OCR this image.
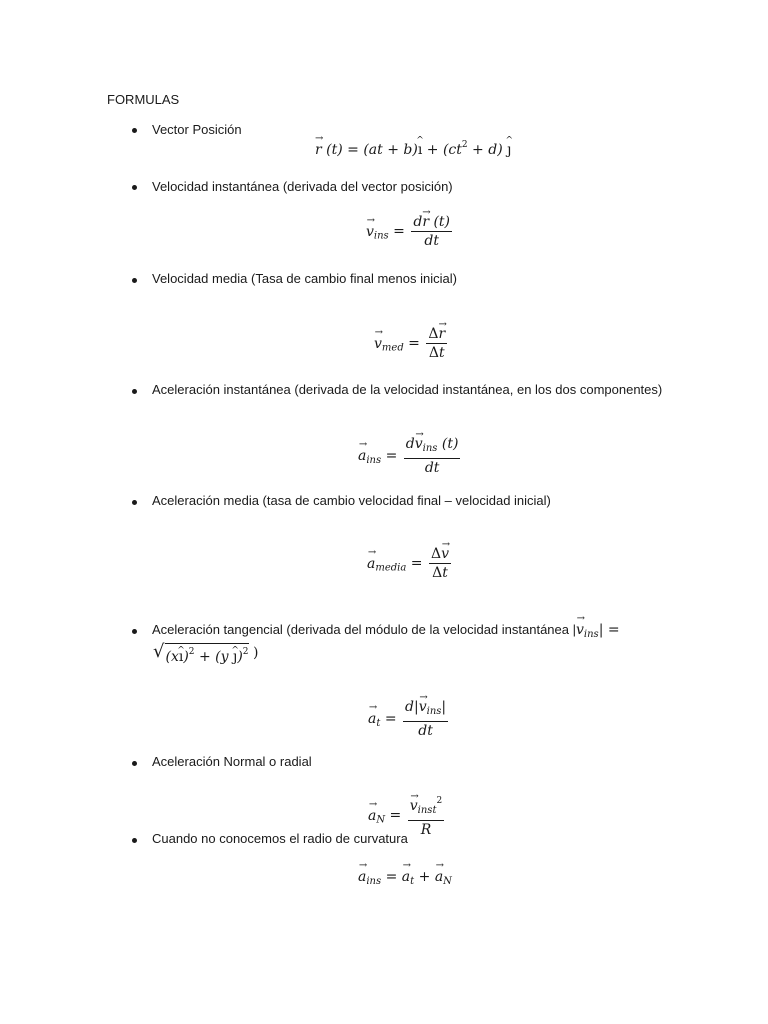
FORMULAS
Vector Posición
→ r (t) = (at + b)^ ı + $(ct^2 + d)$ ^ ȷ
Velocidad instantánea (derivada del vector posición)
→ $v_{ins} = \frac{d\to r (t)}{dt}$
Velocidad media (Tasa de cambio final menos inicial)
→ $v_{med} = \frac{\Delta\to r}{\Delta t}$
Aceleración instantánea (derivada de la velocidad instantánea, en los dos componentes)
→ $a_{ins} = \frac{d\to v_{ins} (t)}{dt}$
Aceleración media (tasa de cambio velocidad final – velocidad inicial)
→ $a_{media} = \frac{\Delta\to v}{\Delta t}$
Aceleración tangencial (derivada del módulo de la velocidad instantánea |→ $v_{ins}|$ =
√ (x^ ı)$^2$ + (y ^ ȷ)$^2$ )
→ $a_t = \frac{d|\to v_{ins}|}{dt}$
Aceleración Normal o radial
→ $a_N$ =
→ $\frac{v_{inst}^2}{R}$
Cuando no conocemos el radio de curvatura
→ $a_{ins}$ = → $a_t$ + → $a_N$
